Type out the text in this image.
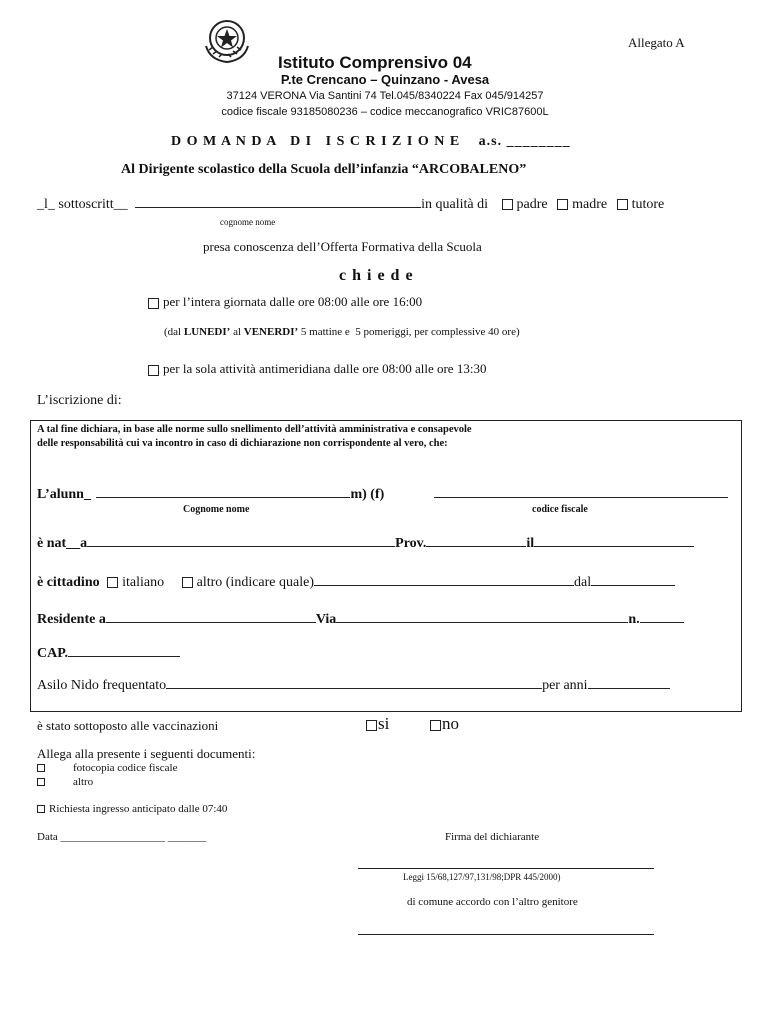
Allegato A
Istituto Comprensivo 04
P.te Crencano – Quinzano - Avesa
37124 VERONA Via Santini 74 Tel.045/8340224 Fax 045/914257
codice fiscale 93185080236 – codice meccanografico VRIC87600L
D O M A N D A   D I   I S C R I Z I O N E a.s. ________
Al Dirigente scolastico della Scuola dell’infanzia “ARCOBALENO”
_l_ sottoscritt__	in qualità di padre madre tutore
cognome nome
presa conoscenza dell’Offerta Formativa della Scuola
c h i e d e
per l’intera giornata dalle ore 08:00 alle ore 16:00
(dal LUNEDI’ al VENERDI’ 5 mattine e  5 pomeriggi, per complessive 40 ore)
per la sola attività antimeridiana dalle ore 08:00 alle ore 13:30
L’iscrizione di:
A tal fine dichiara, in base alle norme sullo snellimento dell’attività amministrativa e consapevole
delle responsabilità cui va incontro in caso di dichiarazione non corrispondente al vero, che:
L’alunn_	m) (f)
Cognome nome	codice fiscale
è nat__a	Prov.	il
è cittadino italiano altro (indicare quale)	dal
Residente a	Via	n.
CAP.
Asilo Nido frequentato	per anni
è stato sottoposto alle vaccinazioni	si	no
Allega alla presente i seguenti documenti:
fotocopia codice fiscale
altro
Richiesta ingresso anticipato dalle 07:40
Data ___________________ _______	Firma del dichiarante
Leggi 15/68,127/97,131/98;DPR 445/2000)
di comune accordo con l’altro genitore
